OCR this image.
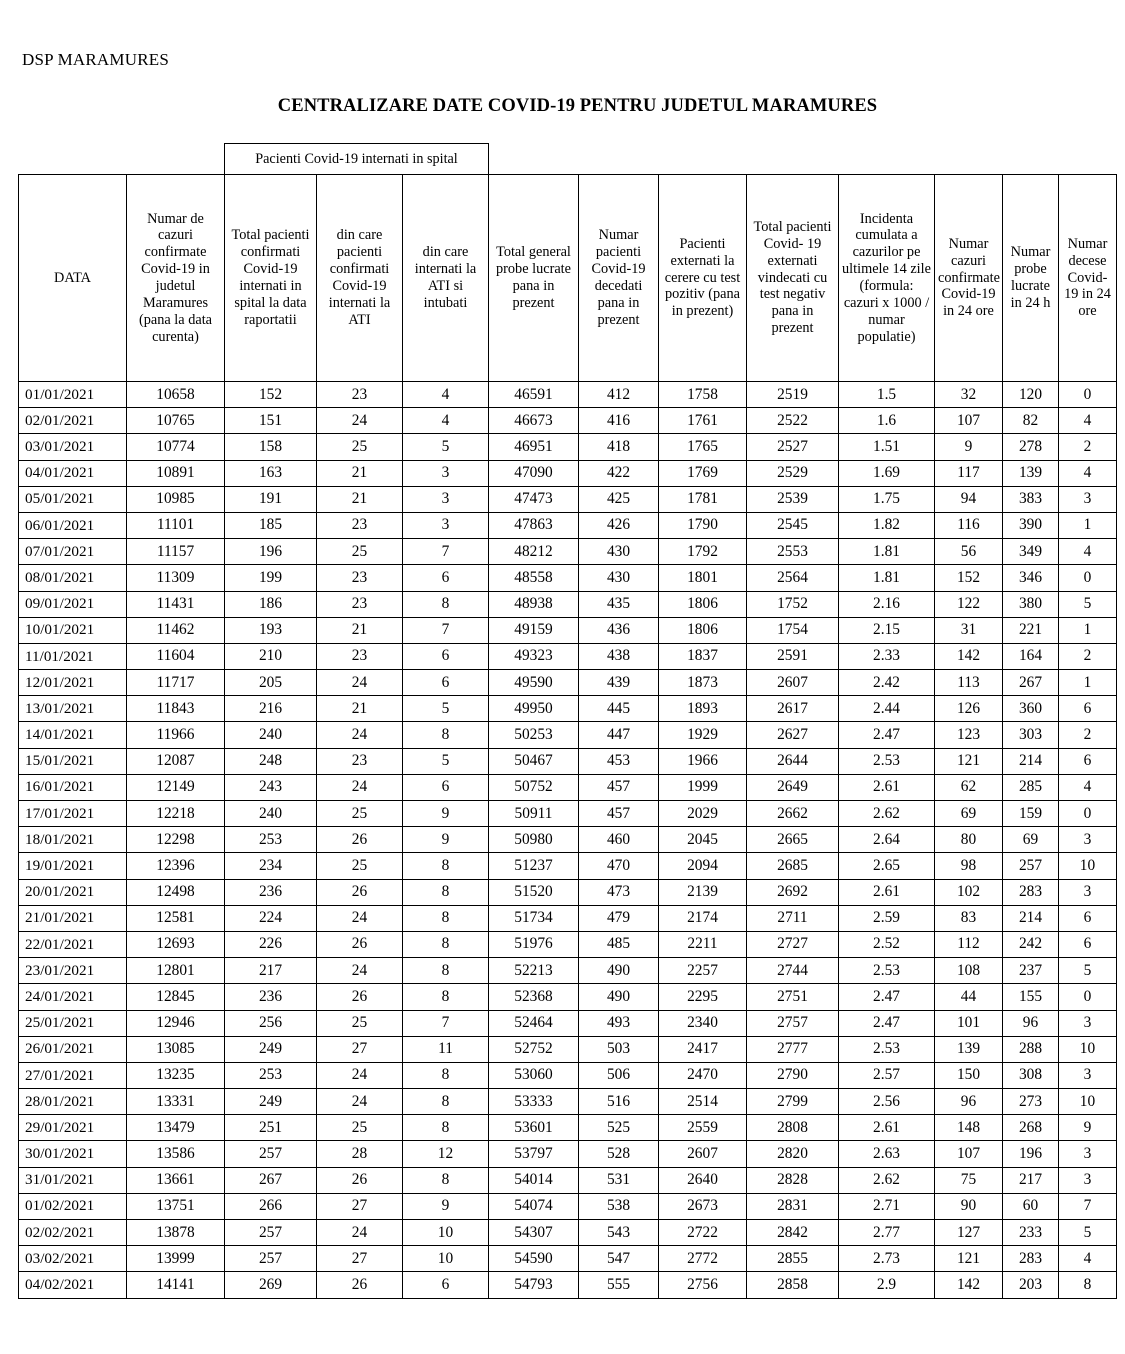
DSP MARAMURES
CENTRALIZARE DATE COVID-19 PENTRU JUDETUL MARAMURES
		Pacienti Covid-19 internati in spital										
DATA	Numar de cazuri confirmate Covid-19 in judetul Maramures (pana la data curenta)	Total pacienti confirmati Covid-19 internati in spital la data raportatii	din care pacienti confirmati Covid-19 internati la ATI	din care internati la ATI si intubati	Total general probe lucrate pana in prezent	Numar pacienti Covid-19 decedati pana in prezent	Pacienti externati la cerere cu test pozitiv (pana in prezent)	Total pacienti Covid- 19 externati vindecati cu test negativ pana in prezent	Incidenta cumulata a cazurilor pe ultimele 14 zile (formula: cazuri x 1000 / numar populatie)	Numar cazuri confirmate Covid-19 in 24 ore	Numar probe lucrate in 24 h	Numar decese Covid-19 in 24 ore
01/01/2021	10658	152	23	4	46591	412	1758	2519	1.5	32	120	0
02/01/2021	10765	151	24	4	46673	416	1761	2522	1.6	107	82	4
03/01/2021	10774	158	25	5	46951	418	1765	2527	1.51	9	278	2
04/01/2021	10891	163	21	3	47090	422	1769	2529	1.69	117	139	4
05/01/2021	10985	191	21	3	47473	425	1781	2539	1.75	94	383	3
06/01/2021	11101	185	23	3	47863	426	1790	2545	1.82	116	390	1
07/01/2021	11157	196	25	7	48212	430	1792	2553	1.81	56	349	4
08/01/2021	11309	199	23	6	48558	430	1801	2564	1.81	152	346	0
09/01/2021	11431	186	23	8	48938	435	1806	1752	2.16	122	380	5
10/01/2021	11462	193	21	7	49159	436	1806	1754	2.15	31	221	1
11/01/2021	11604	210	23	6	49323	438	1837	2591	2.33	142	164	2
12/01/2021	11717	205	24	6	49590	439	1873	2607	2.42	113	267	1
13/01/2021	11843	216	21	5	49950	445	1893	2617	2.44	126	360	6
14/01/2021	11966	240	24	8	50253	447	1929	2627	2.47	123	303	2
15/01/2021	12087	248	23	5	50467	453	1966	2644	2.53	121	214	6
16/01/2021	12149	243	24	6	50752	457	1999	2649	2.61	62	285	4
17/01/2021	12218	240	25	9	50911	457	2029	2662	2.62	69	159	0
18/01/2021	12298	253	26	9	50980	460	2045	2665	2.64	80	69	3
19/01/2021	12396	234	25	8	51237	470	2094	2685	2.65	98	257	10
20/01/2021	12498	236	26	8	51520	473	2139	2692	2.61	102	283	3
21/01/2021	12581	224	24	8	51734	479	2174	2711	2.59	83	214	6
22/01/2021	12693	226	26	8	51976	485	2211	2727	2.52	112	242	6
23/01/2021	12801	217	24	8	52213	490	2257	2744	2.53	108	237	5
24/01/2021	12845	236	26	8	52368	490	2295	2751	2.47	44	155	0
25/01/2021	12946	256	25	7	52464	493	2340	2757	2.47	101	96	3
26/01/2021	13085	249	27	11	52752	503	2417	2777	2.53	139	288	10
27/01/2021	13235	253	24	8	53060	506	2470	2790	2.57	150	308	3
28/01/2021	13331	249	24	8	53333	516	2514	2799	2.56	96	273	10
29/01/2021	13479	251	25	8	53601	525	2559	2808	2.61	148	268	9
30/01/2021	13586	257	28	12	53797	528	2607	2820	2.63	107	196	3
31/01/2021	13661	267	26	8	54014	531	2640	2828	2.62	75	217	3
01/02/2021	13751	266	27	9	54074	538	2673	2831	2.71	90	60	7
02/02/2021	13878	257	24	10	54307	543	2722	2842	2.77	127	233	5
03/02/2021	13999	257	27	10	54590	547	2772	2855	2.73	121	283	4
04/02/2021	14141	269	26	6	54793	555	2756	2858	2.9	142	203	8
